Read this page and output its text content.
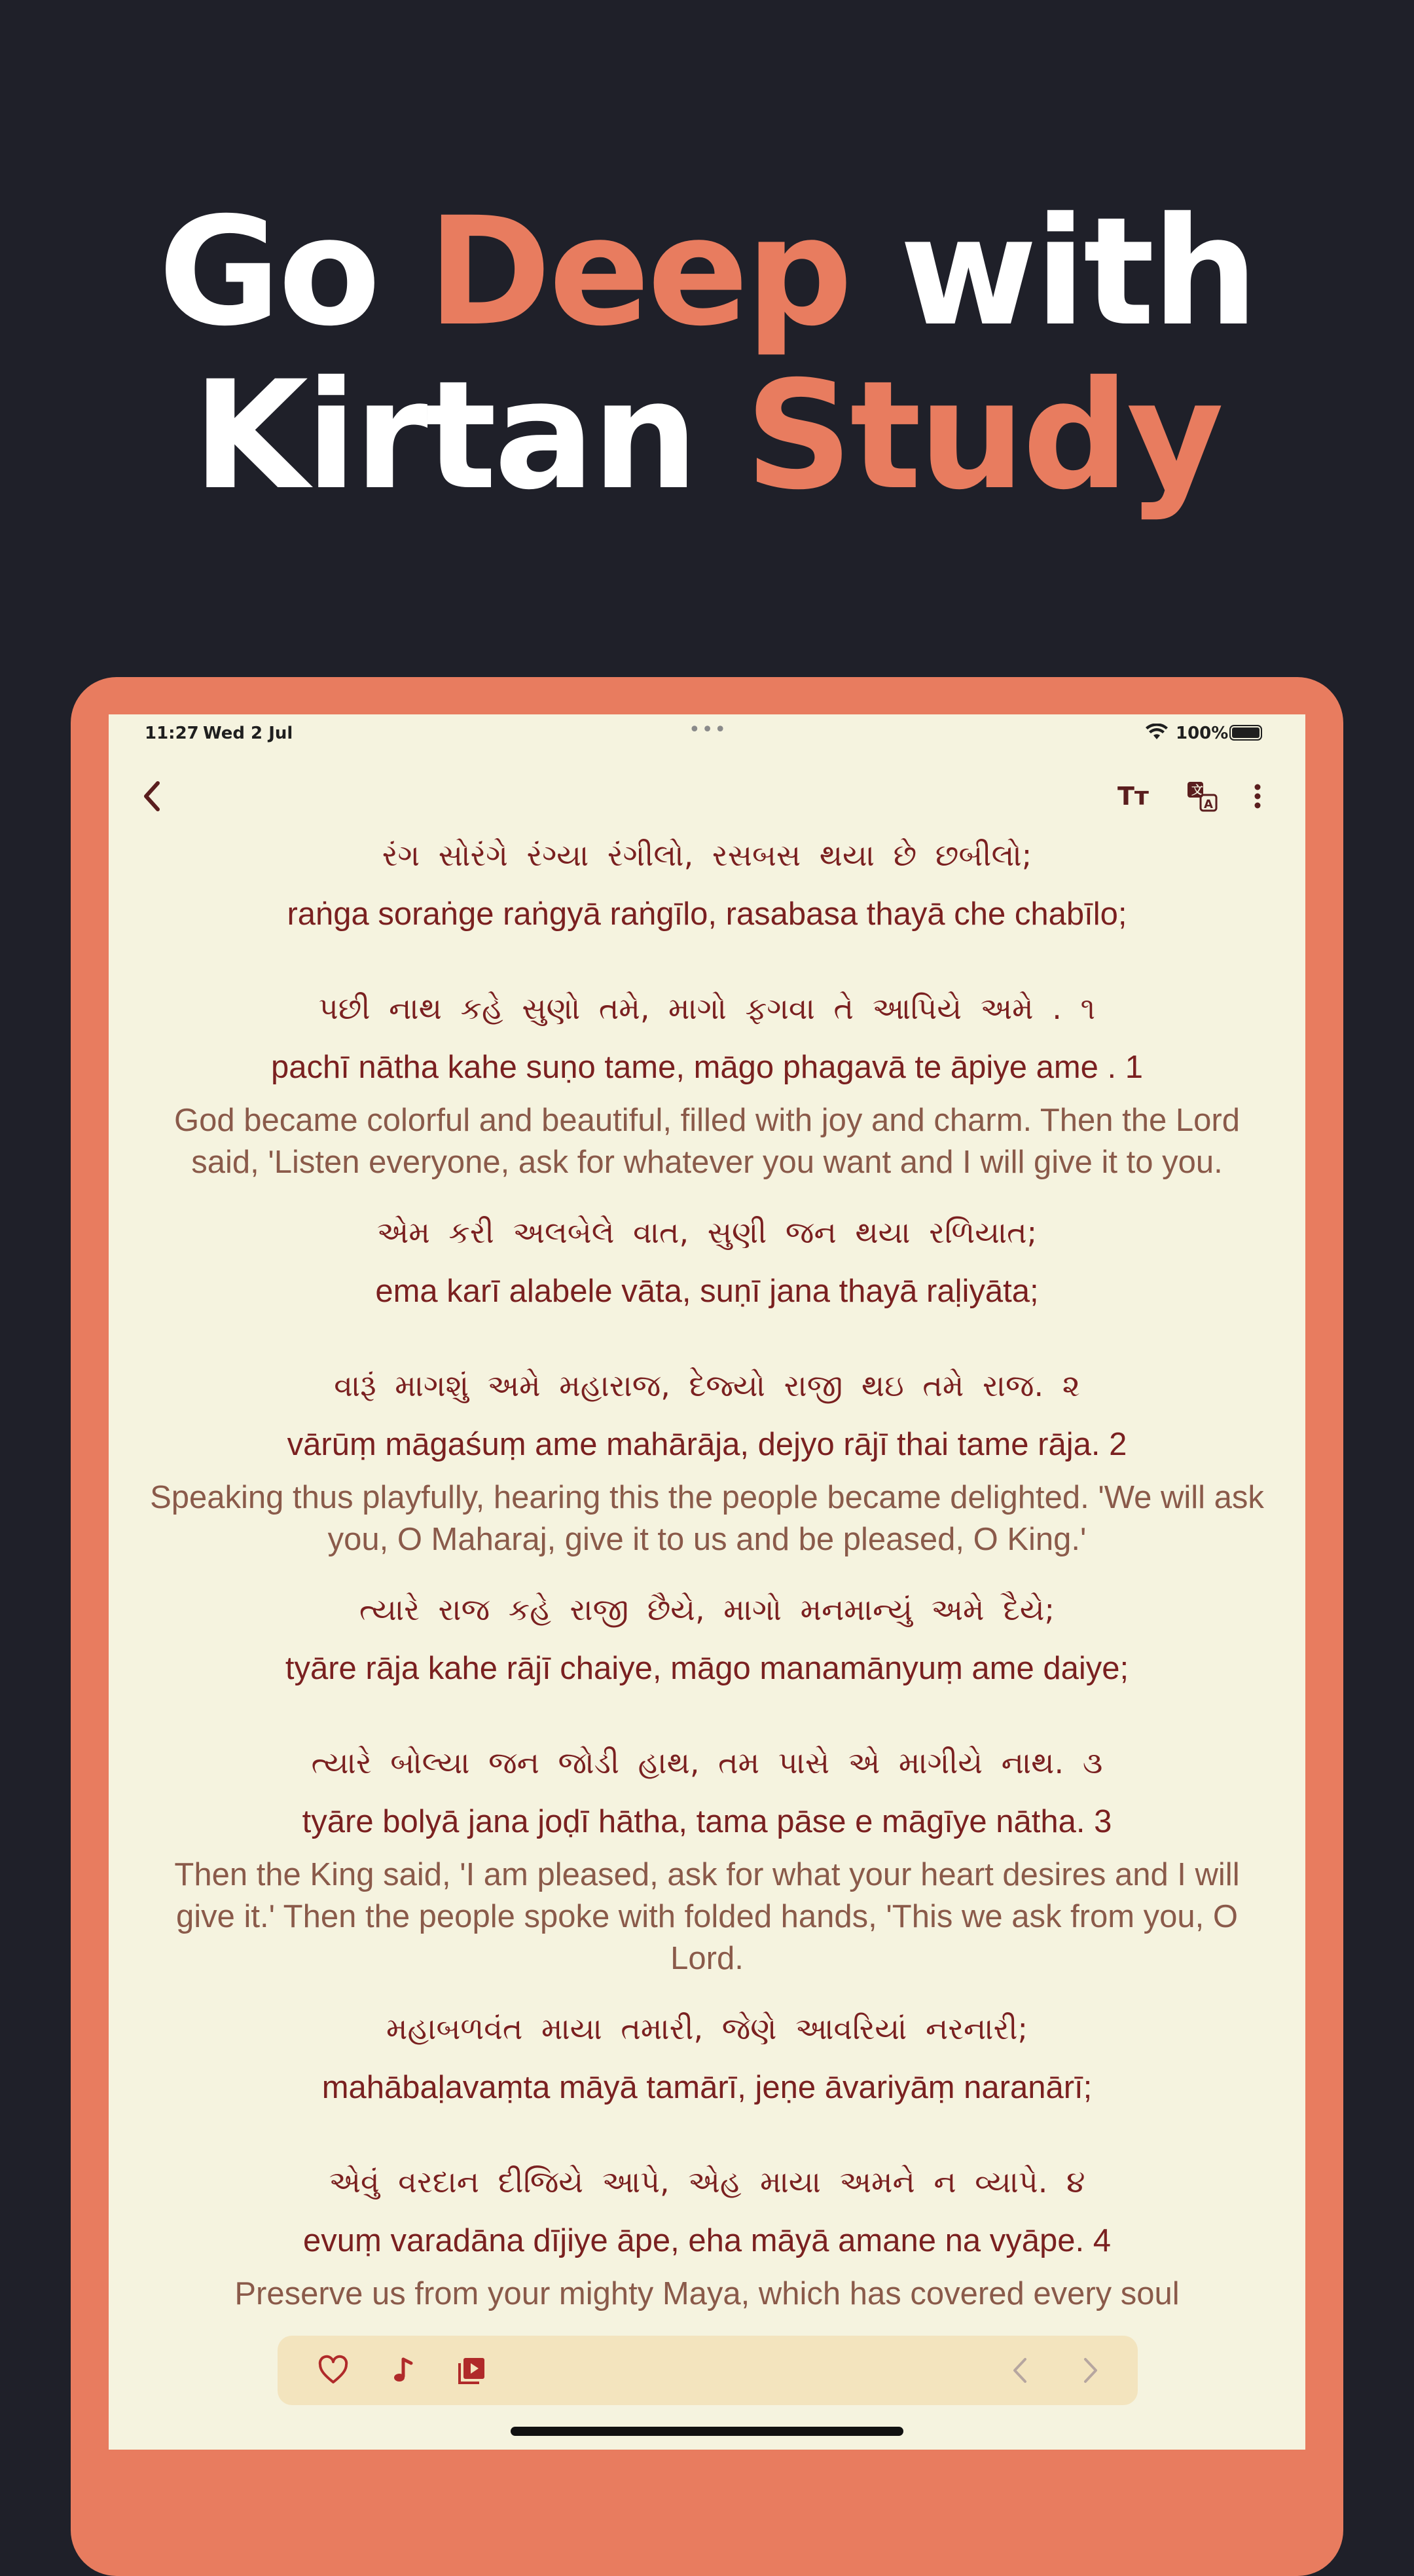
Go Deep with
Kirtan Study
11:27 Wed 2 Jul	•••	100%
Tт	文
A
રંગ સોરંગે રંગ્યા રંગીલો, રસબસ થયા છે છબીલો;
raṅga soraṅge raṅgyā raṅgīlo, rasabasa thayā che chabīlo;
પછી નાથ કહે સુણો તમે, માગો ફગવા તે આપિયે અમે . ૧
pachī nātha kahe suṇo tame, māgo phagavā te āpiye ame . 1
God became colorful and beautiful, filled with joy and charm. Then the Lord said, 'Listen everyone, ask for whatever you want and I will give it to you.
એમ કરી અલબેલે વાત, સુણી જન થયા રળિયાત;
ema karī alabele vāta, suṇī jana thayā raḷiyāta;
વારૂં માગશું અમે મહારાજ, દેજ્યો રાજી થઇ તમે રાજ. ૨
vārūṃ māgaśuṃ ame mahārāja, dejyo rājī thai tame rāja. 2
Speaking thus playfully, hearing this the people became delighted. 'We will ask you, O Maharaj, give it to us and be pleased, O King.'
ત્યારે રાજ કહે રાજી છૈયે, માગો મનમાન્યું અમે દૈયે;
tyāre rāja kahe rājī chaiye, māgo manamānyuṃ ame daiye;
ત્યારે બોલ્યા જન જોડી હાથ, તમ પાસે એ માગીયે નાથ. ૩
tyāre bolyā jana joḍī hātha, tama pāse e māgīye nātha. 3
Then the King said, 'I am pleased, ask for what your heart desires and I will give it.' Then the people spoke with folded hands, 'This we ask from you, O Lord.
મહાબળવંત માયા તમારી, જેણે આવરિયાં નરનારી;
mahābaḷavaṃta māyā tamārī, jeṇe āvariyāṃ naranārī;
એવું વરદાન દીજિયે આપે, એહ માયા અમને ન વ્યાપે. ૪
evuṃ varadāna dījiye āpe, eha māyā amane na vyāpe. 4
Preserve us from your mighty Maya, which has covered every soul
